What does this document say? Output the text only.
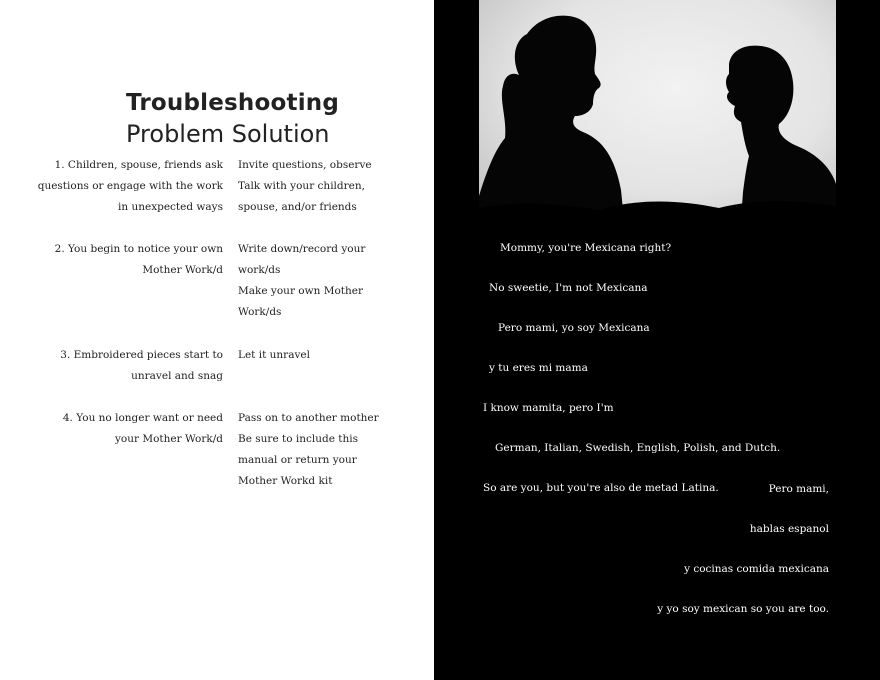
Troubleshooting
Problem Solution
1. Children, spouse, friends ask
questions or engage with the work
in unexpected ways
Invite questions, observe
Talk with your children,
spouse, and/or friends
2. You begin to notice your own
Mother Work/d
Write down/record your
work/ds
Make your own Mother
Work/ds
3. Embroidered pieces start to
unravel and snag
Let it unravel
4. You no longer want or need
your Mother Work/d
Pass on to another mother
Be sure to include this
manual or return your
Mother Workd kit

Mommy, you're Mexicana right?

No sweetie, I'm not Mexicana

Pero mami, yo soy Mexicana

y tu eres mi mama

I know mamita, pero I'm

German, Italian, Swedish, English, Polish, and Dutch.

So are you, but you're also de metad Latina.	Pero mami,

hablas espanol

y cocinas comida mexicana

y yo soy mexican so you are too.
